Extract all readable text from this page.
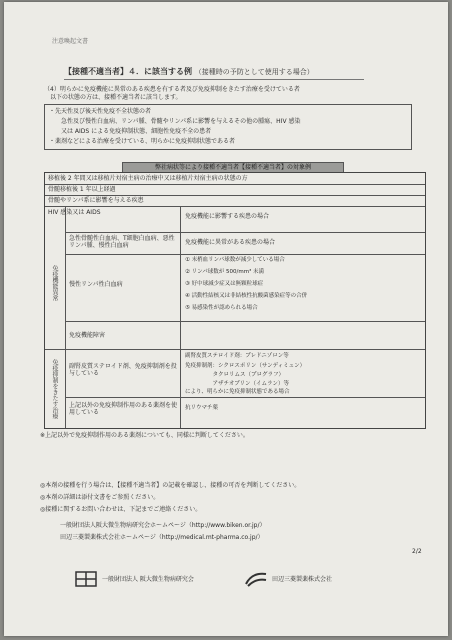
注意喚起文書
【接種不適当者】４．に該当する例 （接種時の予防として使用する場合）
（4）明らかに免疫機能に異常のある疾患を有する者及び免疫抑制をきたす治療を受けている者
　以下の状態の方は、接種不適当者に該当します。
・先天性及び後天性免疫不全状態の者
　　急性及び慢性白血病、リンパ腫、骨髄やリンパ系に影響を与えるその他の腫瘍、HIV 感染
　　又は AIDS による免疫抑制状態、細胞性免疫不全の患者
・薬剤などによる治療を受けている、明らかに免疫抑制状態である者
弊社病状等により接種不適当者【接種不適当者】の対象例
移植後 2 年間又は移植片対宿主病の治療中又は移植片対宿主病の状態の方
骨髄移植後 1 年以上経過
骨髄やリンパ系に影響を与える疾患
HIV 感染又は AIDS
免疫機能に影響する疾患の場合
急性骨髄性白血病、T細胞白血病、悪性リンパ腫、慢性白血病	免疫機能に異常がある疾患の場合
慢性リンパ性白血病
① 末梢血リンパ球数が減少している場合
② リンパ球数が 500/mm³ 未満
③ 好中球減少症又は無顆粒球症
④ 活動性結核又は非結核性抗酸菌感染症等の合併
⑤ 易感染性が認められる場合
免疫機能障害
免疫機能異常
免疫抑制をきたす治療 副腎皮質ステロイド剤、免疫抑制剤を投与している
副腎皮質ステロイド剤：プレドニゾロン等
免疫抑制剤：シクロスポリン（サンディミュン）
　　　　　タクロリムス（プログラフ）
　　　　　アザチオプリン（イムラン）等
により、明らかに免疫抑制状態である場合
上記以外の免疫抑制作用のある薬剤を使用している
抗リウマチ薬
※上記以外で免疫抑制作用のある薬剤についても、同様に判断してください。
◎本剤の接種を行う場合は、【接種不適当者】の記載を確認し、接種の可否を判断してください。
◎本剤の詳細は添付文書をご参照ください。
◎接種に関するお問い合わせは、下記までご連絡ください。
一般財団法人阪大微生物病研究会ホームページ（http://www.biken.or.jp/）
田辺三菱製薬株式会社ホームページ（http://medical.mt-pharma.co.jp/）
2/2
一般財団法人 阪大微生物病研究会	田辺三菱製薬株式会社
